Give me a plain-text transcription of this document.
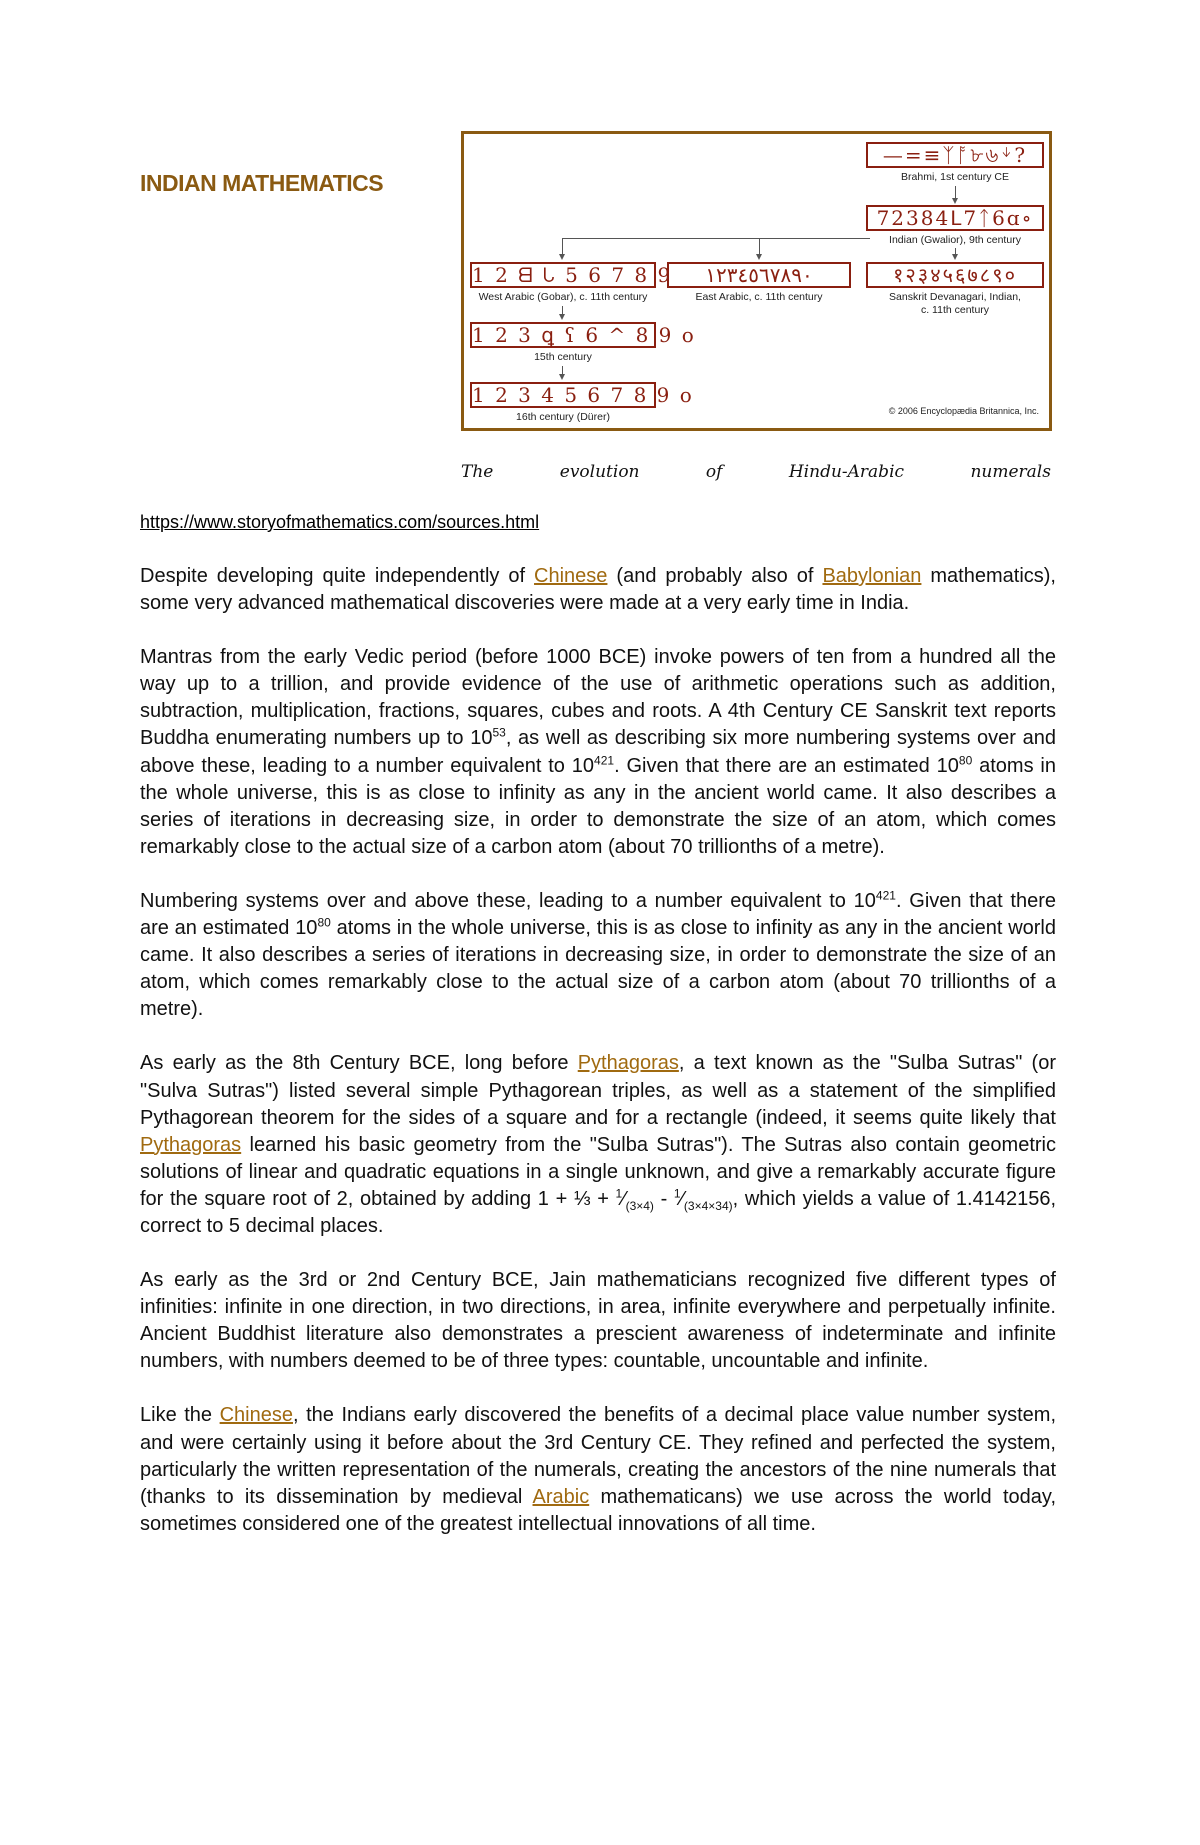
INDIAN MATHEMATICS
—=≡ᛉᚩ৮৬ᛎ?
Brahmi, 1st century CE
72384ᒪ7ᛏ6ɑ∘
Indian (Gwalior), 9th century
1 2 ᗺ ᘂ 5 6 7 8 9
West Arabic (Gobar), c. 11th century
١٢٣٤٥٦٧٨٩٠
East Arabic, c. 11th century
१२३४५६७८९०
Sanskrit Devanagari, Indian,
c. 11th century
1 2 3 ꝗ ʕ 6 ^ 8 9 o
15th century
1 2 3 4 5 6 7 8 9 o
16th century (Dürer)	© 2006 Encyclopædia Britannica, Inc.
The	evolution	of	Hindu-Arabic	numerals
https://www.storyofmathematics.com/sources.html

Despite developing quite independently of Chinese (and probably also of Babylonian mathematics), some very advanced mathematical discoveries were made at a very early time in India.

Mantras from the early Vedic period (before 1000 BCE) invoke powers of ten from a hundred all the way up to a trillion, and provide evidence of the use of arithmetic operations such as addition, subtraction, multiplication, fractions, squares, cubes and roots. A 4th Century CE Sanskrit text reports Buddha enumerating numbers up to $10^{53}$, as well as describing six more numbering systems over and above these, leading to a number equivalent to $10^{421}$. Given that there are an estimated $10^{80}$ atoms in the whole universe, this is as close to infinity as any in the ancient world came. It also describes a series of iterations in decreasing size, in order to demonstrate the size of an atom, which comes remarkably close to the actual size of a carbon atom (about 70 trillionths of a metre).

Numbering systems over and above these, leading to a number equivalent to $10^{421}$. Given that there are an estimated $10^{80}$ atoms in the whole universe, this is as close to infinity as any in the ancient world came. It also describes a series of iterations in decreasing size, in order to demonstrate the size of an atom, which comes remarkably close to the actual size of a carbon atom (about 70 trillionths of a metre).

As early as the 8th Century BCE, long before Pythagoras, a text known as the "Sulba Sutras" (or "Sulva Sutras") listed several simple Pythagorean triples, as well as a statement of the simplified Pythagorean theorem for the sides of a square and for a rectangle (indeed, it seems quite likely that Pythagoras learned his basic geometry from the "Sulba Sutras"). The Sutras also contain geometric solutions of linear and quadratic equations in a single unknown, and give a remarkably accurate figure for the square root of 2, obtained by adding 1 + ⅓ + $^1⁄_{(3\times 4)}$ - $^1⁄_{(3\times 4\times 34)}$, which yields a value of 1.4142156, correct to 5 decimal places.

As early as the 3rd or 2nd Century BCE, Jain mathematicians recognized five different types of infinities: infinite in one direction, in two directions, in area, infinite everywhere and perpetually infinite. Ancient Buddhist literature also demonstrates a prescient awareness of indeterminate and infinite numbers, with numbers deemed to be of three types: countable, uncountable and infinite.

Like the Chinese, the Indians early discovered the benefits of a decimal place value number system, and were certainly using it before about the 3rd Century CE. They refined and perfected the system, particularly the written representation of the numerals, creating the ancestors of the nine numerals that (thanks to its dissemination by medieval Arabic mathematicans) we use across the world today, sometimes considered one of the greatest intellectual innovations of all time.
